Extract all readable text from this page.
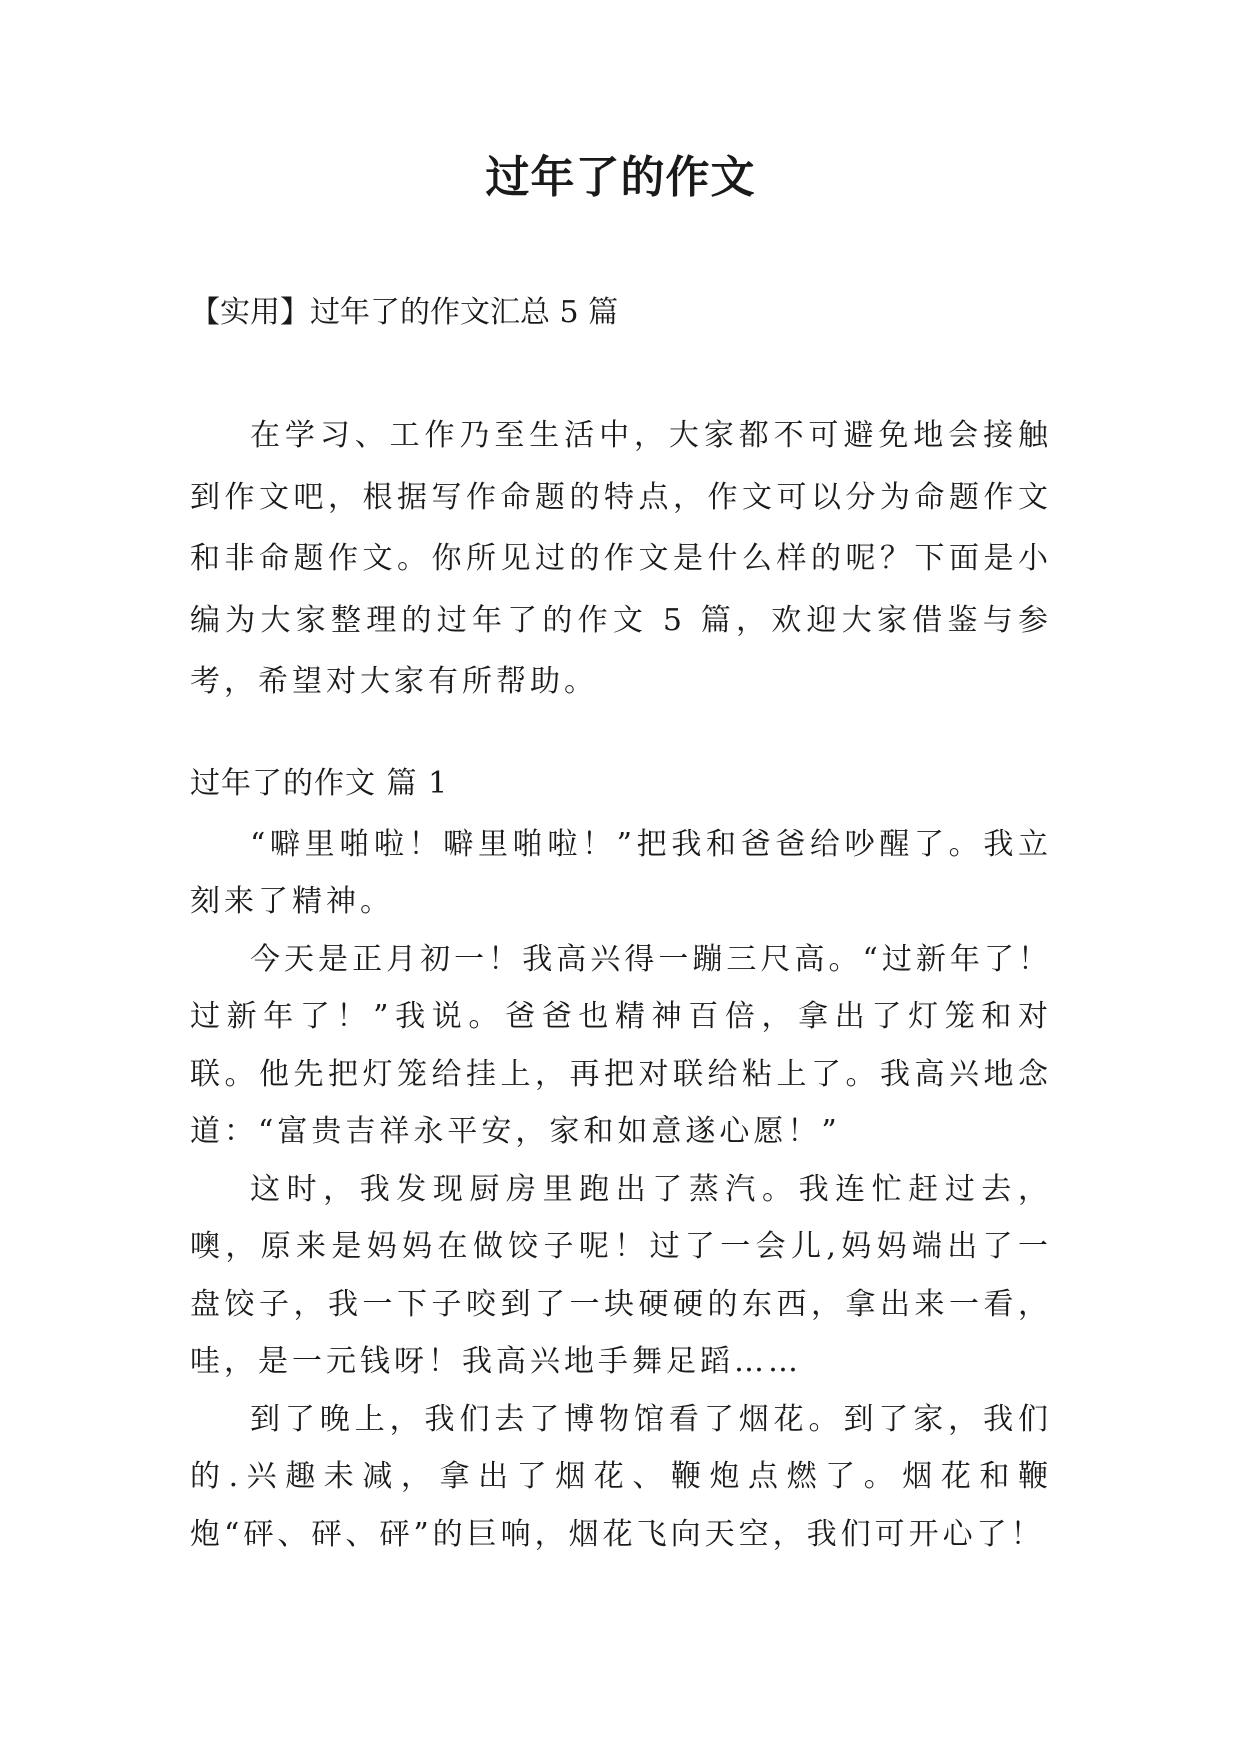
过年了的作文

【实用】过年了的作文汇总 5 篇

在学习、工作乃至生活中，大家都不可避免地会接触到作文吧，根据写作命题的特点，作文可以分为命题作文和非命题作文。你所见过的作文是什么样的呢？下面是小编为大家整理的过年了的作文 5 篇，欢迎大家借鉴与参考，希望对大家有所帮助。

过年了的作文 篇 1

“噼里啪啦！噼里啪啦！”把我和爸爸给吵醒了。我立刻来了精神。

今天是正月初一！我高兴得一蹦三尺高。“过新年了！过新年了！”我说。爸爸也精神百倍，拿出了灯笼和对联。他先把灯笼给挂上，再把对联给粘上了。我高兴地念道：“富贵吉祥永平安，家和如意遂心愿！”

这时，我发现厨房里跑出了蒸汽。我连忙赶过去，噢，原来是妈妈在做饺子呢！过了一会儿,妈妈端出了一盘饺子，我一下子咬到了一块硬硬的东西，拿出来一看，哇，是一元钱呀！我高兴地手舞足蹈……

到了晚上，我们去了博物馆看了烟花。到了家，我们的.兴趣未减，拿出了烟花、鞭炮点燃了。烟花和鞭炮“砰、砰、砰”的巨响，烟花飞向天空，我们可开心了！
